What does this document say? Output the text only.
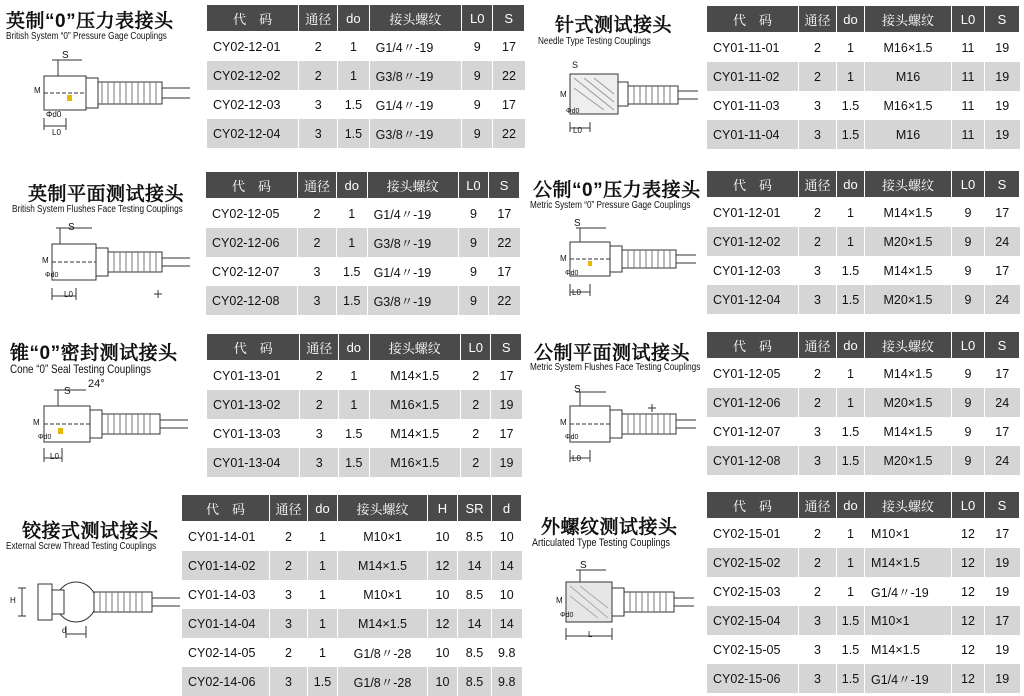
英制“0”压力表接头
British System “0” Pressure Gage Couplings
S
M
Φd0
L0
代　码	通径	do	接头螺纹	L0	S
CY02-12-01	2	1	G1/4〃-19	9	17
CY02-12-02	2	1	G3/8〃-19	9	22
CY02-12-03	3	1.5	G1/4〃-19	9	17
CY02-12-04	3	1.5	G3/8〃-19	9	22
针式测试接头
Needle Type Testing Couplings
S
M
Φd0
L0
代　码	通径	do	接头螺纹	L0	S
CY01-11-01	2	1	M16×1.5	11	19
CY01-11-02	2	1	M16	11	19
CY01-11-03	3	1.5	M16×1.5	11	19
CY01-11-04	3	1.5	M16	11	19
英制平面测试接头
British System Flushes Face Testing Couplings
S
M
Φd0
L0
代　码	通径	do	接头螺纹	L0	S
CY02-12-05	2	1	G1/4〃-19	9	17
CY02-12-06	2	1	G3/8〃-19	9	22
CY02-12-07	3	1.5	G1/4〃-19	9	17
CY02-12-08	3	1.5	G3/8〃-19	9	22
公制“0”压力表接头
Metric System “0” Pressure Gage Couplings
S
M
Φd0
L0
代　码	通径	do	接头螺纹	L0	S
CY01-12-01	2	1	M14×1.5	9	17
CY01-12-02	2	1	M20×1.5	9	24
CY01-12-03	3	1.5	M14×1.5	9	17
CY01-12-04	3	1.5	M20×1.5	9	24
锥“0”密封测试接头
Cone “0” Seal Testing Couplings
S
24°
M
Φd0
L0
代　码	通径	do	接头螺纹	L0	S
CY01-13-01	2	1	M14×1.5	2	17
CY01-13-02	2	1	M16×1.5	2	19
CY01-13-03	3	1.5	M14×1.5	2	17
CY01-13-04	3	1.5	M16×1.5	2	19
公制平面测试接头
Metric System Flushes Face Testing Couplings
S
M
Φd0
L0
代　码	通径	do	接头螺纹	L0	S
CY01-12-05	2	1	M14×1.5	9	17
CY01-12-06	2	1	M20×1.5	9	24
CY01-12-07	3	1.5	M14×1.5	9	17
CY01-12-08	3	1.5	M20×1.5	9	24
铰接式测试接头
External Screw Thread Testing Couplings
H
d
代　码	通径	do	接头螺纹	H	SR	d
CY01-14-01	2	1	M10×1	10	8.5	10
CY01-14-02	2	1	M14×1.5	12	14	14
CY01-14-03	3	1	M10×1	10	8.5	10
CY01-14-04	3	1	M14×1.5	12	14	14
CY02-14-05	2	1	G1/8〃-28	10	8.5	9.8
CY02-14-06	3	1.5	G1/8〃-28	10	8.5	9.8
外螺纹测试接头
Articulated Type Testing Couplings
S
M
Φd0
L
代　码	通径	do	接头螺纹	L0	S
CY02-15-01	2	1	M10×1	12	17
CY02-15-02	2	1	M14×1.5	12	19
CY02-15-03	2	1	G1/4〃-19	12	19
CY02-15-04	3	1.5	M10×1	12	17
CY02-15-05	3	1.5	M14×1.5	12	19
CY02-15-06	3	1.5	G1/4〃-19	12	19
